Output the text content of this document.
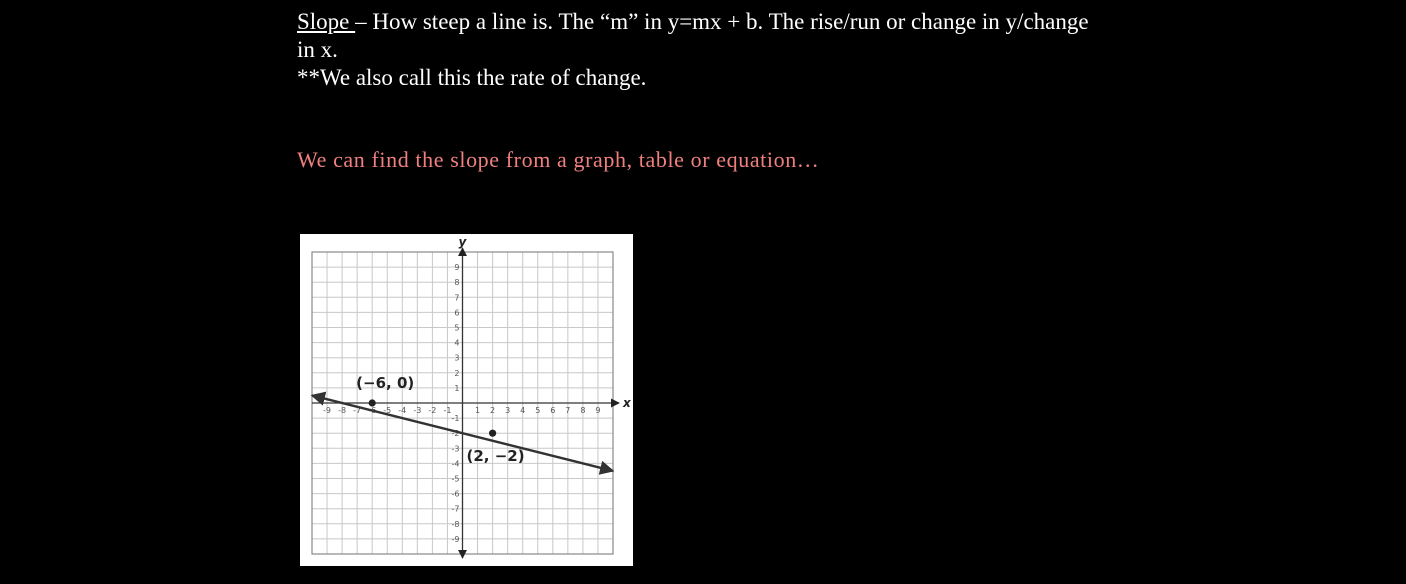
Slope – How steep a line is. The “m” in y=mx + b. The rise/run or change in y/change in x.
**We also call this the rate of change.
We can find the slope from a graph, table or equation…
x
y
-9 -8 -7	-5 -4 -3 -2 -1	1 2 3 4 5 6 7 8 9
9
8
7
6
5
4
3
2
1
-1
-2
-3
-4
-5
-6
-7
-8
-9
(−6, 0)
(2, −2)
